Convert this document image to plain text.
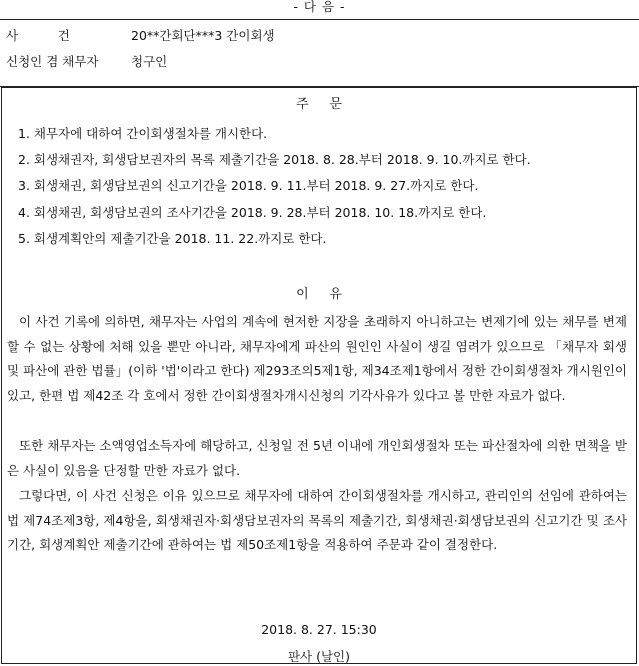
- 다 음 -
사          건	20**간회단***3 간이회생
신청인 겸 채무자	청구인
주     문
1. 채무자에 대하여 간이회생절차를 개시한다.
2. 회생채권자, 회생담보권자의 목록 제출기간을 2018. 8. 28.부터 2018. 9. 10.까지로 한다.
3. 회생채권, 회생담보권의 신고기간을 2018. 9. 11.부터 2018. 9. 27.까지로 한다.
4. 회생채권, 회생담보권의 조사기간을 2018. 9. 28.부터 2018. 10. 18.까지로 한다.
5. 회생계획안의 제출기간을 2018. 11. 22.까지로 한다.
이     유

이 사건 기록에 의하면, 채무자는 사업의 계속에 현저한 지장을 초래하지 아니하고는 변제기에 있는 채무를 변제할 수 없는 상황에 처해 있을 뿐만 아니라, 채무자에게 파산의 원인인 사실이 생길 염려가 있으므로 「채무자 회생 및 파산에 관한 법률」(이하 '법'이라고 한다) 제293조의5제1항, 제34조제1항에서 정한 간이회생절차 개시원인이 있고, 한편 법 제42조 각 호에서 정한 간이회생절차개시신청의 기각사유가 있다고 볼 만한 자료가 없다.

또한 채무자는 소액영업소득자에 해당하고, 신청일 전 5년 이내에 개인회생절차 또는 파산절차에 의한 면책을 받은 사실이 있음을 단정할 만한 자료가 없다.

그렇다면, 이 사건 신청은 이유 있으므로 채무자에 대하여 간이회생절차를 개시하고, 관리인의 선임에 관하여는 법 제74조제3항, 제4항을, 회생채권자·회생담보권자의 목록의 제출기간, 회생채권·회생담보권의 신고기간 및 조사기간, 회생계획안 제출기간에 관하여는 법 제50조제1항을 적용하여 주문과 같이 결정한다.

2018. 8. 27. 15:30
판사 (날인)
